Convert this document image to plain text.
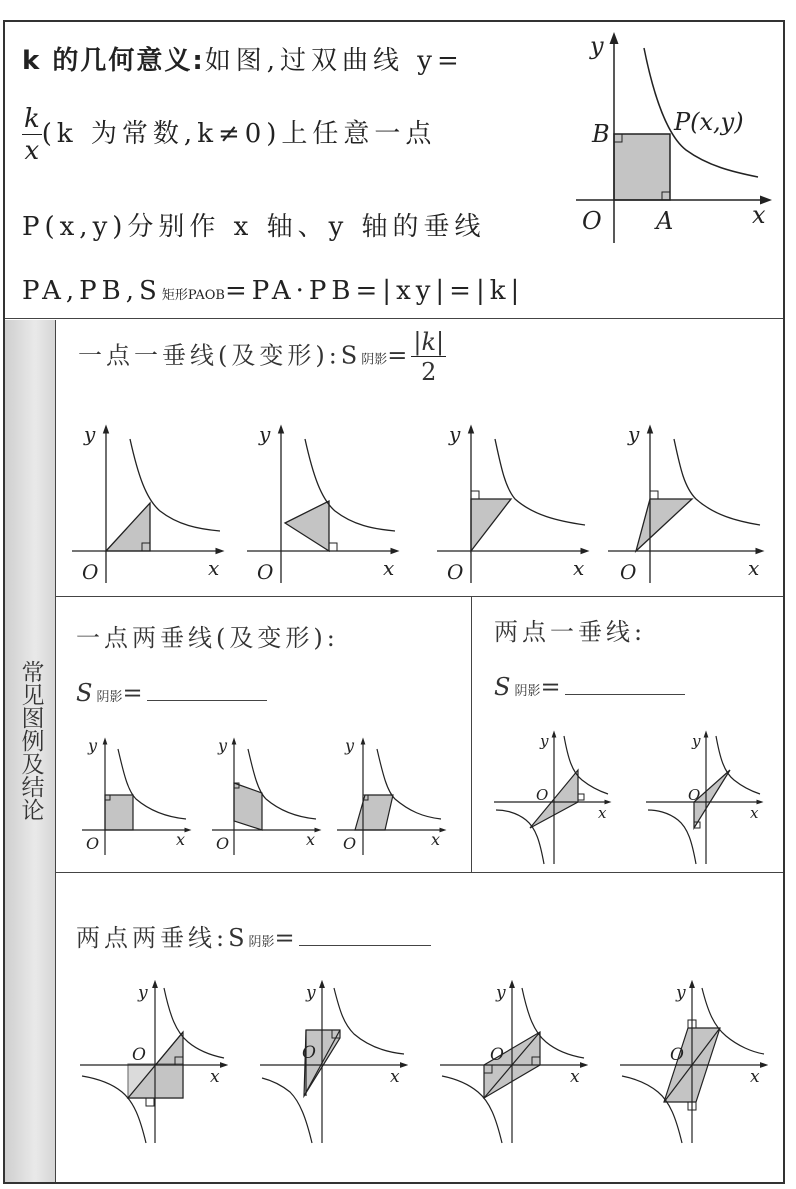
常见图例及结论
k 的几何意义:如图,过双曲线 y=
$\frac{k}{x} (k$ 为常数,k≠0)上任意一点
P(x,y)分别作 x 轴、y 轴的垂线
PA,PB,S矩形PAOB=PA·PB=|xy|=|k|
y
x
O A
B	P(x,y)
一点一垂线(及变形):S阴影= $\frac{|k|}{2}$
y
x
O
y
x
O
y
x
O
y
x
O
一点两垂线(及变形):
S阴影=
y
x
O
y
x
O
y
x
O
两点一垂线:
S阴影=
y
x
O
y
x
O
两点两垂线:S阴影=
y
x
O
y
x
O
y
x
O
y
x
O
